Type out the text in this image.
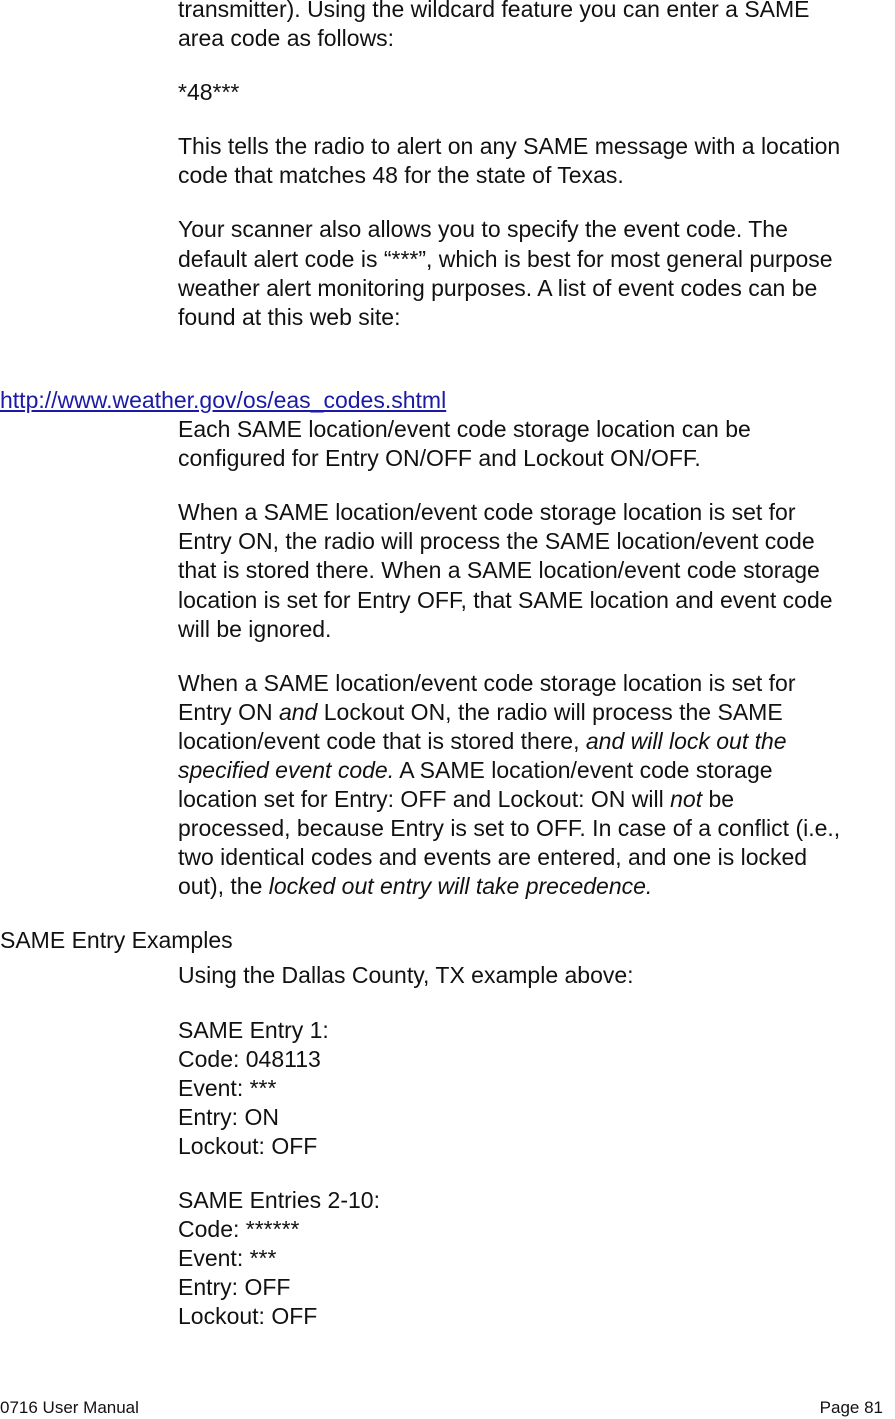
transmitter). Using the wildcard feature you can enter a SAME
area code as follows:
*48***
This tells the radio to alert on any SAME message with a location
code that matches 48 for the state of Texas.
Your scanner also allows you to specify the event code. The
default alert code is “***”, which is best for most general purpose
weather alert monitoring purposes. A list of event codes can be
found at this web site:
http://www.weather.gov/os/eas_codes.shtml
Each SAME location/event code storage location can be
configured for Entry ON/OFF and Lockout ON/OFF.
When a SAME location/event code storage location is set for
Entry ON, the radio will process the SAME location/event code
that is stored there. When a SAME location/event code storage
location is set for Entry OFF, that SAME location and event code
will be ignored.
When a SAME location/event code storage location is set for
Entry ON and Lockout ON, the radio will process the SAME
location/event code that is stored there, and will lock out the
specified event code. A SAME location/event code storage
location set for Entry: OFF and Lockout: ON will not be
processed, because Entry is set to OFF. In case of a conflict (i.e.,
two identical codes and events are entered, and one is locked
out), the locked out entry will take precedence.
SAME Entry Examples
Using the Dallas County, TX example above:
SAME Entry 1:
Code: 048113
Event: ***
Entry: ON
Lockout: OFF
SAME Entries 2-10:
Code: ******
Event: ***
Entry: OFF
Lockout: OFF
0716 User Manual	Page 81
